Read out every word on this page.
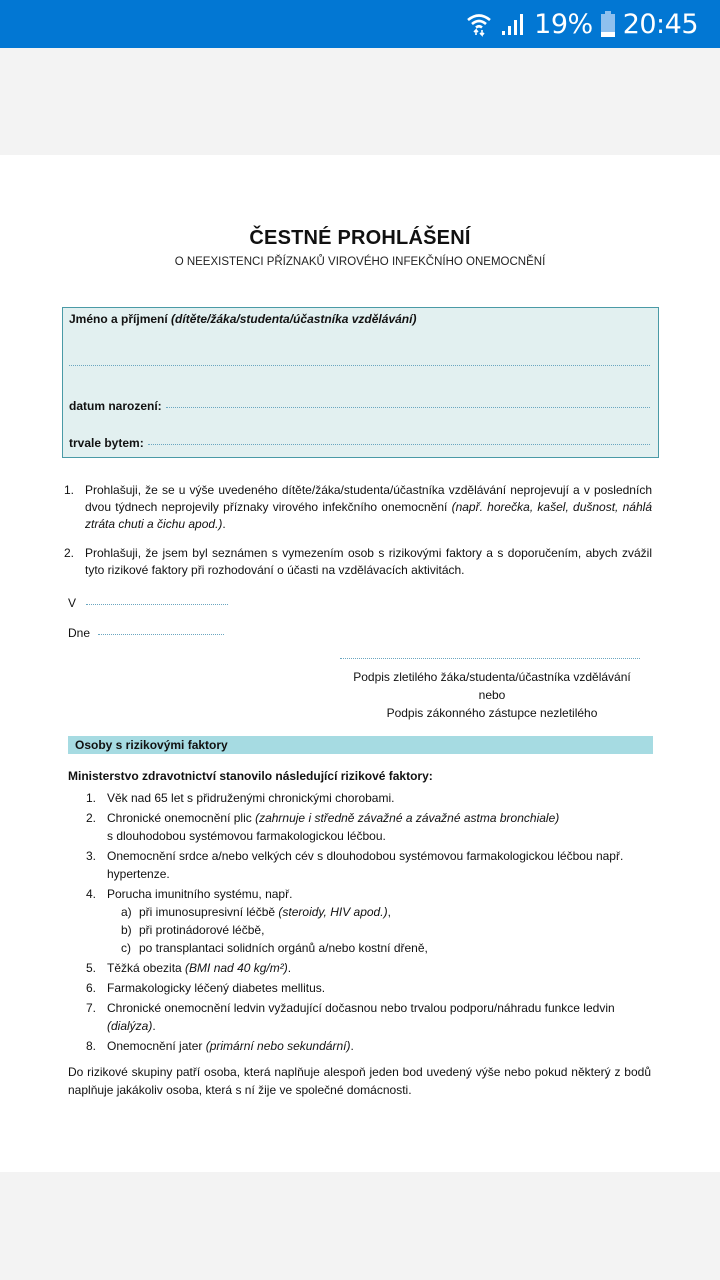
19% 20:45
ČESTNÉ PROHLÁŠENÍ
O NEEXISTENCI PŘÍZNAKŮ VIROVÉHO INFEKČNÍHO ONEMOCNĚNÍ
Jméno a příjmení (dítěte/žáka/studenta/účastníka vzdělávání)
datum narození:
trvale bytem:
1. Prohlašuji, že se u výše uvedeného dítěte/žáka/studenta/účastníka vzdělávání neprojevují a v posledních dvou týdnech neprojevily příznaky virového infekčního onemocnění (např. horečka, kašel, dušnost, náhlá ztráta chuti a čichu apod.).
2. Prohlašuji, že jsem byl seznámen s vymezením osob s rizikovými faktory a s doporučením, abych zvážil tyto rizikové faktory při rozhodování o účasti na vzdělávacích aktivitách.
V
Dne
Podpis zletilého žáka/studenta/účastníka vzdělávání
nebo
Podpis zákonného zástupce nezletilého
Osoby s rizikovými faktory
Ministerstvo zdravotnictví stanovilo následující rizikové faktory:
1. Věk nad 65 let s přidruženými chronickými chorobami.
2. Chronické onemocnění plic (zahrnuje i středně závažné a závažné astma bronchiale)
s dlouhodobou systémovou farmakologickou léčbou.
3. Onemocnění srdce a/nebo velkých cév s dlouhodobou systémovou farmakologickou léčbou např. hypertenze.
4. Porucha imunitního systému, např.
a) při imunosupresivní léčbě (steroidy, HIV apod.),
b) při protinádorové léčbě,
c) po transplantaci solidních orgánů a/nebo kostní dřeně,
5. Těžká obezita (BMI nad 40 kg/m²).
6. Farmakologicky léčený diabetes mellitus.
7. Chronické onemocnění ledvin vyžadující dočasnou nebo trvalou podporu/náhradu funkce ledvin (dialýza).
8. Onemocnění jater (primární nebo sekundární).
Do rizikové skupiny patří osoba, která naplňuje alespoň jeden bod uvedený výše nebo pokud některý z bodů naplňuje jakákoliv osoba, která s ní žije ve společné domácnosti.
